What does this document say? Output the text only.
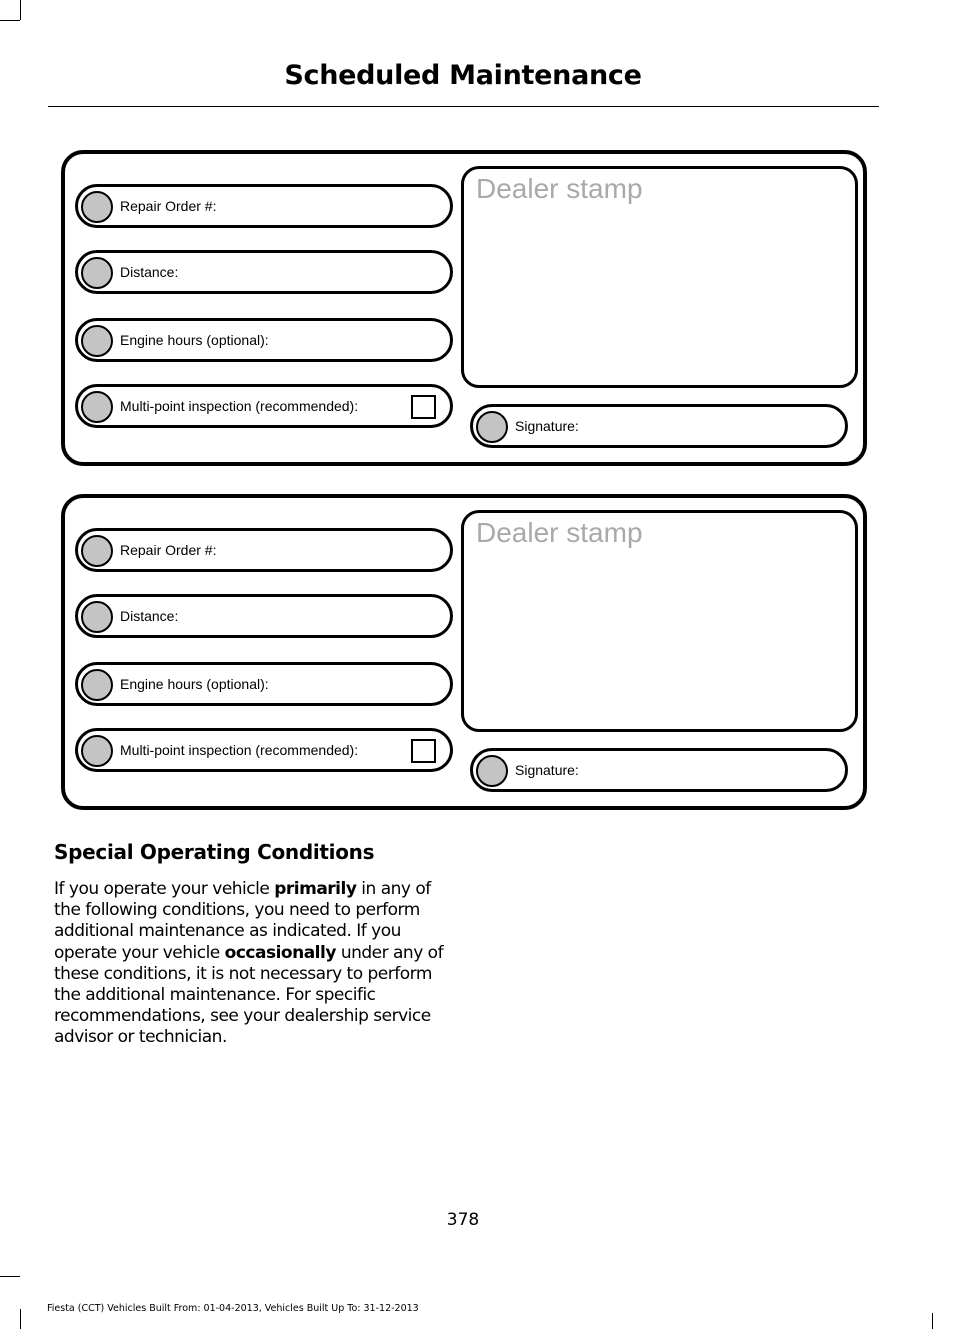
Scheduled Maintenance
Repair Order #:
Distance:
Engine hours (optional):
Multi-point inspection (recommended):
Dealer stamp
Signature:
Repair Order #:
Distance:
Engine hours (optional):
Multi-point inspection (recommended):
Dealer stamp
Signature:
Special Operating Conditions

If you operate your vehicle primarily in any of the following conditions, you need to perform additional maintenance as indicated. If you operate your vehicle occasionally under any of these conditions, it is not necessary to perform the additional maintenance. For specific recommendations, see your dealership service advisor or technician.

378
Fiesta (CCT) Vehicles Built From: 01-04-2013, Vehicles Built Up To: 31-12-2013
